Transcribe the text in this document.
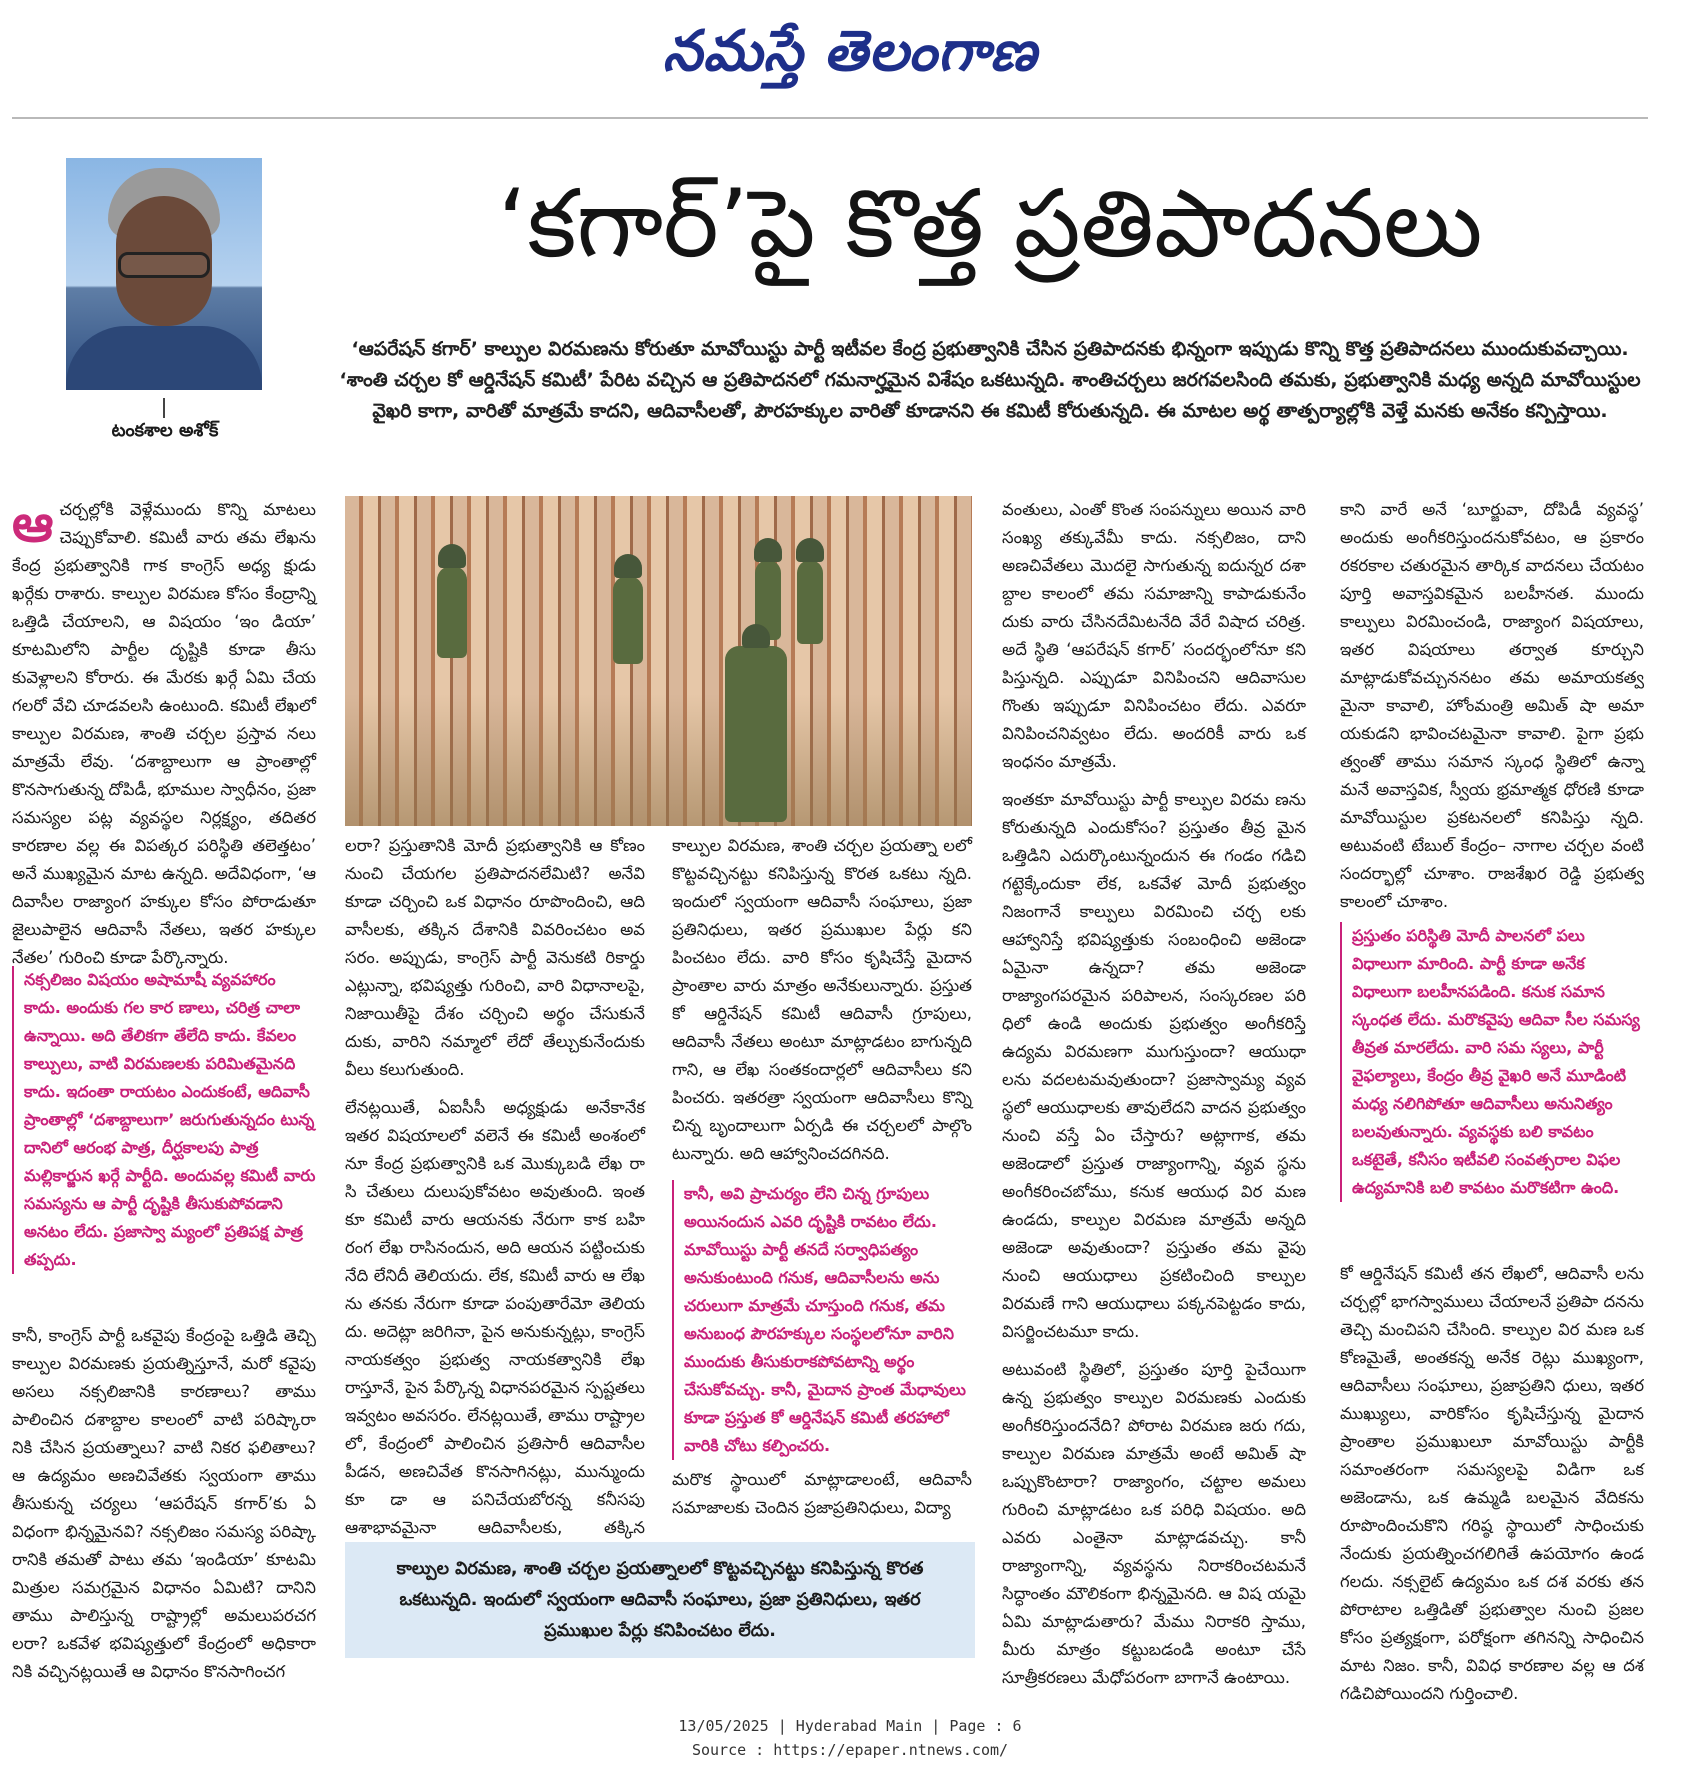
నమస్తే తెలంగాణ
టంకశాల అశోక్
‘కగార్’పై కొత్త ప్రతిపాదనలు
‘ఆపరేషన్ కగార్’ కాల్పుల విరమణను కోరుతూ మావోయిస్టు పార్టీ ఇటీవల కేంద్ర ప్రభుత్వానికి చేసిన ప్రతిపాదనకు భిన్నంగా ఇప్పుడు కొన్ని కొత్త ప్రతిపాదనలు ముందుకువచ్చాయి. ‘శాంతి చర్చల కో ఆర్డినేషన్ కమిటీ’ పేరిట వచ్చిన ఆ ప్రతిపాదనలో గమనార్హమైన విశేషం ఒకటున్నది. శాంతిచర్చలు జరగవలసింది తమకు, ప్రభుత్వానికి మధ్య అన్నది మావోయిస్టుల వైఖరి కాగా, వారితో మాత్రమే కాదని, ఆదివాసీలతో, పౌరహక్కుల వారితో కూడానని ఈ కమిటీ కోరుతున్నది. ఈ మాటల అర్థ తాత్పర్యాల్లోకి వెళ్తే మనకు అనేకం కన్పిస్తాయి.

ఆచర్చల్లోకి వెళ్లేముందు కొన్ని మాటలు చెప్పుకోవాలి. కమిటీ వారు తమ లేఖను కేంద్ర ప్రభుత్వానికి గాక కాంగ్రెస్ అధ్య క్షుడు ఖర్గేకు రాశారు. కాల్పుల విరమణ కోసం కేంద్రాన్ని ఒత్తిడి చేయాలని, ఆ విషయం ‘ఇం డియా’ కూటమిలోని పార్టీల దృష్టికి కూడా తీసు కువెళ్లాలని కోరారు. ఈ మేరకు ఖర్గే ఏమి చేయ గలరో వేచి చూడవలసి ఉంటుంది. కమిటీ లేఖలో కాల్పుల విరమణ, శాంతి చర్చల ప్రస్తావ నలు మాత్రమే లేవు. ‘దశాబ్దాలుగా ఆ ప్రాంతాల్లో కొనసాగుతున్న దోపిడీ, భూముల స్వాధీనం, ప్రజా సమస్యల పట్ల వ్యవస్థల నిర్లక్ష్యం, తదితర కారణాల వల్ల ఈ విపత్కర పరిస్థితి తలెత్తటం’ అనే ముఖ్యమైన మాట ఉన్నది. అదేవిధంగా, ‘ఆ దివాసీల రాజ్యాంగ హక్కుల కోసం పోరాడుతూ జైలుపాలైన ఆదివాసీ నేతలు, ఇతర హక్కుల నేతల’ గురించి కూడా పేర్కొన్నారు.

నక్సలిజం విషయం అషామాషీ వ్యవహారం కాదు. అందుకు గల కార ణాలు, చరిత్ర చాలా ఉన్నాయి. అది తేలికగా తేలేది కాదు. కేవలం కాల్పులు, వాటి విరమణలకు పరిమితమైనది కాదు. ఇదంతా రాయటం ఎందుకంటే, ఆదివాసీ ప్రాంతాల్లో ‘దశాబ్దాలుగా’ జరుగుతున్నదం టున్న దానిలో ఆరంభ పాత్ర, దీర్ఘకాలపు పాత్ర మల్లికార్జున ఖర్గే పార్టీది. అందువల్ల కమిటీ వారు సమస్యను ఆ పార్టీ దృష్టికి తీసుకుపోవడాని అనటం లేదు. ప్రజాస్వా మ్యంలో ప్రతిపక్ష పాత్ర తప్పదు.

కానీ, కాంగ్రెస్ పార్టీ ఒకవైపు కేంద్రంపై ఒత్తిడి తెచ్చి కాల్పుల విరమణకు ప్రయత్నిస్తూనే, మరో కవైపు అసలు నక్సలిజానికి కారణాలు? తాము పాలించిన దశాబ్దాల కాలంలో వాటి పరిష్కారా నికి చేసిన ప్రయత్నాలు? వాటి నికర ఫలితాలు? ఆ ఉద్యమం అణచివేతకు స్వయంగా తాము తీసుకున్న చర్యలు ‘ఆపరేషన్ కగార్’కు ఏ విధంగా భిన్నమైనవి? నక్సలిజం సమస్య పరిష్కా రానికి తమతో పాటు తమ ‘ఇండియా’ కూటమి మిత్రుల సమగ్రమైన విధానం ఏమిటి? దానిని తాము పాలిస్తున్న రాష్ట్రాల్లో అమలుపరచగ లరా? ఒకవేళ భవిష్యత్తులో కేంద్రంలో అధికారా నికి వచ్చినట్లయితే ఆ విధానం కొనసాగించగ

లరా? ప్రస్తుతానికి మోదీ ప్రభుత్వానికి ఆ కోణం నుంచి చేయగల ప్రతిపాదనలేమిటి? అనేవి కూడా చర్చించి ఒక విధానం రూపొందించి, ఆది వాసీలకు, తక్కిన దేశానికి వివరించటం అవ సరం. అప్పుడు, కాంగ్రెస్ పార్టీ వెనుకటి రికార్డు ఎట్లున్నా, భవిష్యత్తు గురించి, వారి విధానాలపై, నిజాయితీపై దేశం చర్చించి అర్థం చేసుకునే దుకు, వారిని నమ్మాలో లేదో తేల్చుకునేందుకు వీలు కలుగుతుంది.

లేనట్లయితే, ఏఐసీసీ అధ్యక్షుడు అనేకానేక ఇతర విషయాలలో వలెనే ఈ కమిటీ అంశంలో నూ కేంద్ర ప్రభుత్వానికి ఒక మొక్కుబడి లేఖ రా సి చేతులు దులుపుకోవటం అవుతుంది. ఇంత కూ కమిటీ వారు ఆయనకు నేరుగా కాక బహి రంగ లేఖ రాసినందున, అది ఆయన పట్టించుకు నేది లేనిదీ తెలియదు. లేక, కమిటీ వారు ఆ లేఖ ను తనకు నేరుగా కూడా పంపుతారేమో తెలియ దు. అదెట్లా జరిగినా, పైన అనుకున్నట్లు, కాంగ్రెస్ నాయకత్వం ప్రభుత్వ నాయకత్వానికి లేఖ రాస్తూనే, పైన పేర్కొన్న విధానపరమైన స్పష్టతలు ఇవ్వటం అవసరం. లేనట్లయితే, తాము రాష్ట్రాల లో, కేంద్రంలో పాలించిన ప్రతిసారీ ఆదివాసీల పీడన, అణచివేత కొనసాగినట్లు, మున్ముందు కూ డా ఆ పనిచేయబోరన్న కనీసపు ఆశాభావమైనా ఆదివాసీలకు, తక్కిన

కాల్పుల విరమణ, శాంతి చర్చల ప్రయత్నా లలో కొట్టవచ్చినట్టు కనిపిస్తున్న కొరత ఒకటు న్నది. ఇందులో స్వయంగా ఆదివాసీ సంఘాలు, ప్రజా ప్రతినిధులు, ఇతర ప్రముఖుల పేర్లు కని పించటం లేదు. వారి కోసం కృషిచేస్తే మైదాన ప్రాంతాల వారు మాత్రం అనేకులున్నారు. ప్రస్తుత కో ఆర్డినేషన్ కమిటీ ఆదివాసీ గ్రూపులు, ఆదివాసీ నేతలు అంటూ మాట్లాడటం బాగున్నది గాని, ఆ లేఖ సంతకందార్లలో ఆదివాసీలు కని పించరు. ఇతరత్రా స్వయంగా ఆదివాసీలు కొన్ని చిన్న బృందాలుగా ఏర్పడి ఈ చర్చలలో పాల్గొం టున్నారు. అది ఆహ్వానించదగినది.

కానీ, అవి ప్రాచుర్యం లేని చిన్న గ్రూపులు అయినందున ఎవరి దృష్టికి రావటం లేదు. మావోయిస్టు పార్టీ తనదే సర్వాధిపత్యం అనుకుంటుంది గనుక, ఆదివాసీలను అను చరులుగా మాత్రమే చూస్తుంది గనుక, తమ అనుబంధ పౌరహక్కుల సంస్థలలోనూ వారిని ముందుకు తీసుకురాకపోవటాన్ని అర్థం చేసుకోవచ్చు. కానీ, మైదాన ప్రాంత మేధావులు కూడా ప్రస్తుత కో ఆర్డినేషన్ కమిటీ తరహాలో వారికి చోటు కల్పించరు.

మరొక స్థాయిలో మాట్లాడాలంటే, ఆదివాసీ సమాజాలకు చెందిన ప్రజాప్రతినిధులు, విద్యా

కాల్పుల విరమణ, శాంతి చర్చల ప్రయత్నాలలో కొట్టవచ్చినట్టు కనిపిస్తున్న కొరత ఒకటున్నది. ఇందులో స్వయంగా ఆదివాసీ సంఘాలు, ప్రజా ప్రతినిధులు, ఇతర ప్రముఖుల పేర్లు కనిపించటం లేదు.

వంతులు, ఎంతో కొంత సంపన్నులు అయిన వారి సంఖ్య తక్కువేమీ కాదు. నక్సలిజం, దాని అణచివేతలు మొదలై సాగుతున్న ఐదున్నర దశా బ్దాల కాలంలో తమ సమాజాన్ని కాపాడుకునేం దుకు వారు చేసినదేమిటనేది వేరే విషాద చరిత్ర. అదే స్థితి ‘ఆపరేషన్ కగార్’ సందర్భంలోనూ కని పిస్తున్నది. ఎప్పుడూ వినిపించని ఆదివాసుల గొంతు ఇప్పుడూ వినిపించటం లేదు. ఎవరూ వినిపించనివ్వటం లేదు. అందరికీ వారు ఒక ఇంధనం మాత్రమే.

ఇంతకూ మావోయిస్టు పార్టీ కాల్పుల విరమ ణను కోరుతున్నది ఎందుకోసం? ప్రస్తుతం తీవ్ర మైన ఒత్తిడిని ఎదుర్కొంటున్నందున ఈ గండం గడిచి గట్టెక్కేందుకా లేక, ఒకవేళ మోదీ ప్రభుత్వం నిజంగానే కాల్పులు విరమించి చర్చ లకు ఆహ్వానిస్తే భవిష్యత్తుకు సంబంధించి అజెండా ఏమైనా ఉన్నదా? తమ అజెండా రాజ్యాంగపరమైన పరిపాలన, సంస్కరణల పరి ధిలో ఉండి అందుకు ప్రభుత్వం అంగీకరిస్తే ఉద్యమ విరమణగా ముగుస్తుందా? ఆయుధా లను వదలటమవుతుందా? ప్రజాస్వామ్య వ్యవ స్థలో ఆయుధాలకు తావులేదని వాదన ప్రభుత్వం నుంచి వస్తే ఏం చేస్తారు? అట్లాగాక, తమ అజెండాలో ప్రస్తుత రాజ్యాంగాన్ని, వ్యవ స్థను అంగీకరించబోము, కనుక ఆయుధ విర మణ ఉండదు, కాల్పుల విరమణ మాత్రమే అన్నది అజెండా అవుతుందా? ప్రస్తుతం తమ వైపు నుంచి ఆయుధాలు ప్రకటించింది కాల్పుల విరమణే గాని ఆయుధాలు పక్కనపెట్టడం కాదు, విసర్జించటమూ కాదు.

అటువంటి స్థితిలో, ప్రస్తుతం పూర్తి పైచేయిగా ఉన్న ప్రభుత్వం కాల్పుల విరమణకు ఎందుకు అంగీకరిస్తుందనేది? పోరాట విరమణ జరు గదు, కాల్పుల విరమణ మాత్రమే అంటే అమిత్ షా ఒప్పుకొంటారా? రాజ్యాంగం, చట్టాల అమలు గురించి మాట్లాడటం ఒక పరిధి విషయం. అది ఎవరు ఎంతైనా మాట్లాడవచ్చు. కానీ రాజ్యాంగాన్ని, వ్యవస్థను నిరాకరించటమనే సిద్ధాంతం మౌలికంగా భిన్నమైనది. ఆ విష యమై ఏమి మాట్లాడుతారు? మేము నిరాకరి స్తాము, మీరు మాత్రం కట్టుబడండి అంటూ చేసే సూత్రీకరణలు మేధోపరంగా బాగానే ఉంటాయి.

కాని వారే అనే ‘బూర్జువా, దోపిడీ వ్యవస్థ’ అందుకు అంగీకరిస్తుందనుకోవటం, ఆ ప్రకారం రకరకాల చతురమైన తార్కిక వాదనలు చేయటం పూర్తి అవాస్తవికమైన బలహీనత. ముందు కాల్పులు విరమించండి, రాజ్యాంగ విషయాలు, ఇతర విషయాలు తర్వాత కూర్చుని మాట్లాడుకోవచ్చుననటం తమ అమాయకత్వ మైనా కావాలి, హోంమంత్రి అమిత్ షా అమా యకుడని భావించటమైనా కావాలి. పైగా ప్రభు త్వంతో తాము సమాన స్కంధ స్థితిలో ఉన్నా మనే అవాస్తవిక, స్వీయ భ్రమాత్మక ధోరణి కూడా మావోయిస్టుల ప్రకటనలలో కనిపిస్తు న్నది. అటువంటి టేబుల్ కేంద్రం– నాగాల చర్చల వంటి సందర్భాల్లో చూశాం. రాజశేఖర రెడ్డి ప్రభుత్వ కాలంలో చూశాం.

ప్రస్తుతం పరిస్థితి మోదీ పాలనలో పలు విధాలుగా మారింది. పార్టీ కూడా అనేక విధాలుగా బలహీనపడింది. కనుక సమాన స్కంధత లేదు. మరొకవైపు ఆదివా సీల సమస్య తీవ్రత మారలేదు. వారి సమ స్యలు, పార్టీ వైఫల్యాలు, కేంద్రం తీవ్ర వైఖరి అనే మూడింటి మధ్య నలిగిపోతూ ఆదివాసీలు అనునిత్యం బలవుతున్నారు. వ్యవస్థకు బలి కావటం ఒకటైతే, కనీసం ఇటీవలి సంవత్సరాల విఫల ఉద్యమానికి బలి కావటం మరొకటిగా ఉంది.

కో ఆర్డినేషన్ కమిటీ తన లేఖలో, ఆదివాసీ లను చర్చల్లో భాగస్వాములు చేయాలనే ప్రతిపా దనను తెచ్చి మంచిపని చేసింది. కాల్పుల విర మణ ఒక కోణమైతే, అంతకన్న అనేక రెట్లు ముఖ్యంగా, ఆదివాసీలు సంఘాలు, ప్రజాప్రతిని ధులు, ఇతర ముఖ్యులు, వారికోసం కృషిచేస్తున్న మైదాన ప్రాంతాల ప్రముఖులూ మావోయిస్టు పార్టీకి సమాంతరంగా సమస్యలపై విడిగా ఒక అజెండాను, ఒక ఉమ్మడి బలమైన వేదికను రూపొందించుకొని గరిష్ఠ స్థాయిలో సాధించుకు నేందుకు ప్రయత్నించగలిగితే ఉపయోగం ఉండ గలదు. నక్సలైట్ ఉద్యమం ఒక దశ వరకు తన పోరాటాల ఒత్తిడితో ప్రభుత్వాల నుంచి ప్రజల కోసం ప్రత్యక్షంగా, పరోక్షంగా తగినన్ని సాధించిన మాట నిజం. కానీ, వివిధ కారణాల వల్ల ఆ దశ గడిచిపోయిందని గుర్తించాలి.

13/05/2025 | Hyderabad Main | Page : 6
Source : https://epaper.ntnews.com/
